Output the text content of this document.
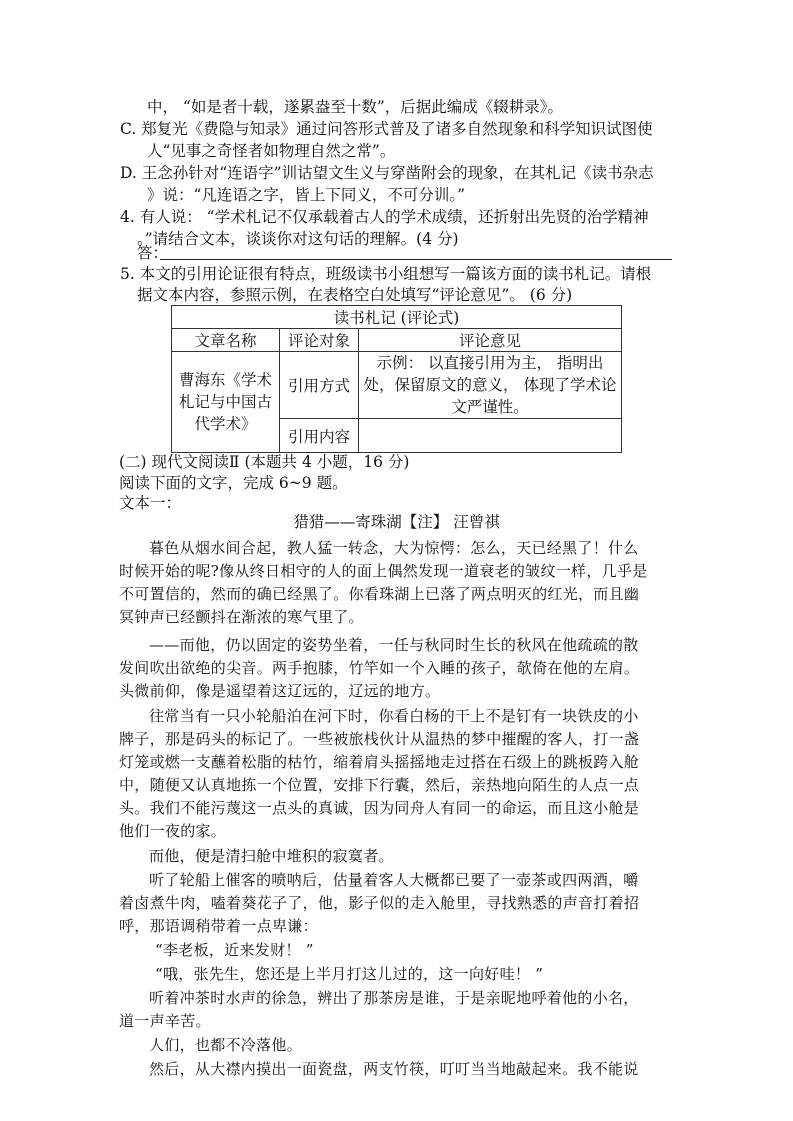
中， “如是者十载，遂累盎至十数”，后据此编成《辍耕录》。
C. 郑复光《费隐与知录》通过问答形式普及了诸多自然现象和科学知识试图使
人“见事之奇怪者如物理自然之常”。
D. 王念孙针对“连语字”训诂望文生义与穿凿附会的现象，在其札记《读书杂志
》说：“凡连语之字，皆上下同义，不可分训。”
4. 有人说： “学术札记不仅承载着古人的学术成绩，还折射出先贤的治学精神
。”请结合文本，谈谈你对这句话的理解。(4 分)
答：
5. 本文的引用论证很有特点，班级读书小组想写一篇该方面的读书札记。请根
据文本内容，参照示例，在表格空白处填写“评论意见”。 (6 分)
读书札记 (评论式)		
文章名称	评论对象	评论意见
曹海东《学术札记与中国古代学术》	引用方式	示例： 以直接引用为主， 指明出处，保留原文的意义， 体现了学术论文严谨性。
	引用内容	
(二) 现代文阅读Ⅱ (本题共 4 小题，16 分)
阅读下面的文字，完成 6~9 题。
文本一：
猎猎——寄珠湖【注】 汪曾祺
暮色从烟水间合起，教人猛一转念，大为惊愕：怎么，天已经黑了！什么
时候开始的呢?像从终日相守的人的面上偶然发现一道衰老的皱纹一样，几乎是
不可置信的，然而的确已经黑了。你看珠湖上已落了两点明灭的红光，而且幽
冥钟声已经颤抖在渐浓的寒气里了。
——而他，仍以固定的姿势坐着，一任与秋同时生长的秋风在他疏疏的散
发间吹出欲绝的尖音。两手抱膝，竹竿如一个入睡的孩子，欹倚在他的左肩。
头微前仰，像是遥望着这辽远的，辽远的地方。
往常当有一只小轮船泊在河下时，你看白杨的干上不是钉有一块铁皮的小
牌子，那是码头的标记了。一些被旅栈伙计从温热的梦中摧醒的客人，打一盏
灯笼或燃一支蘸着松脂的枯竹，缩着肩头摇摇地走过搭在石级上的跳板跨入舱
中，随便又认真地拣一个位置，安排下行囊，然后，亲热地向陌生的人点一点
头。我们不能污蔑这一点头的真诚，因为同舟人有同一的命运，而且这小舱是
他们一夜的家。
而他，便是清扫舱中堆积的寂寞者。
听了轮船上催客的喷呐后，估量着客人大概都已要了一壶茶或四两酒，嚼
着卤煮牛肉，嗑着葵花子了，他，影子似的走入舱里，寻找熟悉的声音打着招
呼，那语调稍带着一点卑谦：
“李老板，近来发财！ ”
“哦，张先生，您还是上半月打这儿过的，这一向好哇！ ”
听着冲茶时水声的徐急，辨出了那茶房是谁，于是亲昵地呼着他的小名，
道一声辛苦。
人们，也都不冷落他。
然后，从大襟内摸出一面瓷盘，两支竹筷，叮叮当当地敲起来。我不能说
